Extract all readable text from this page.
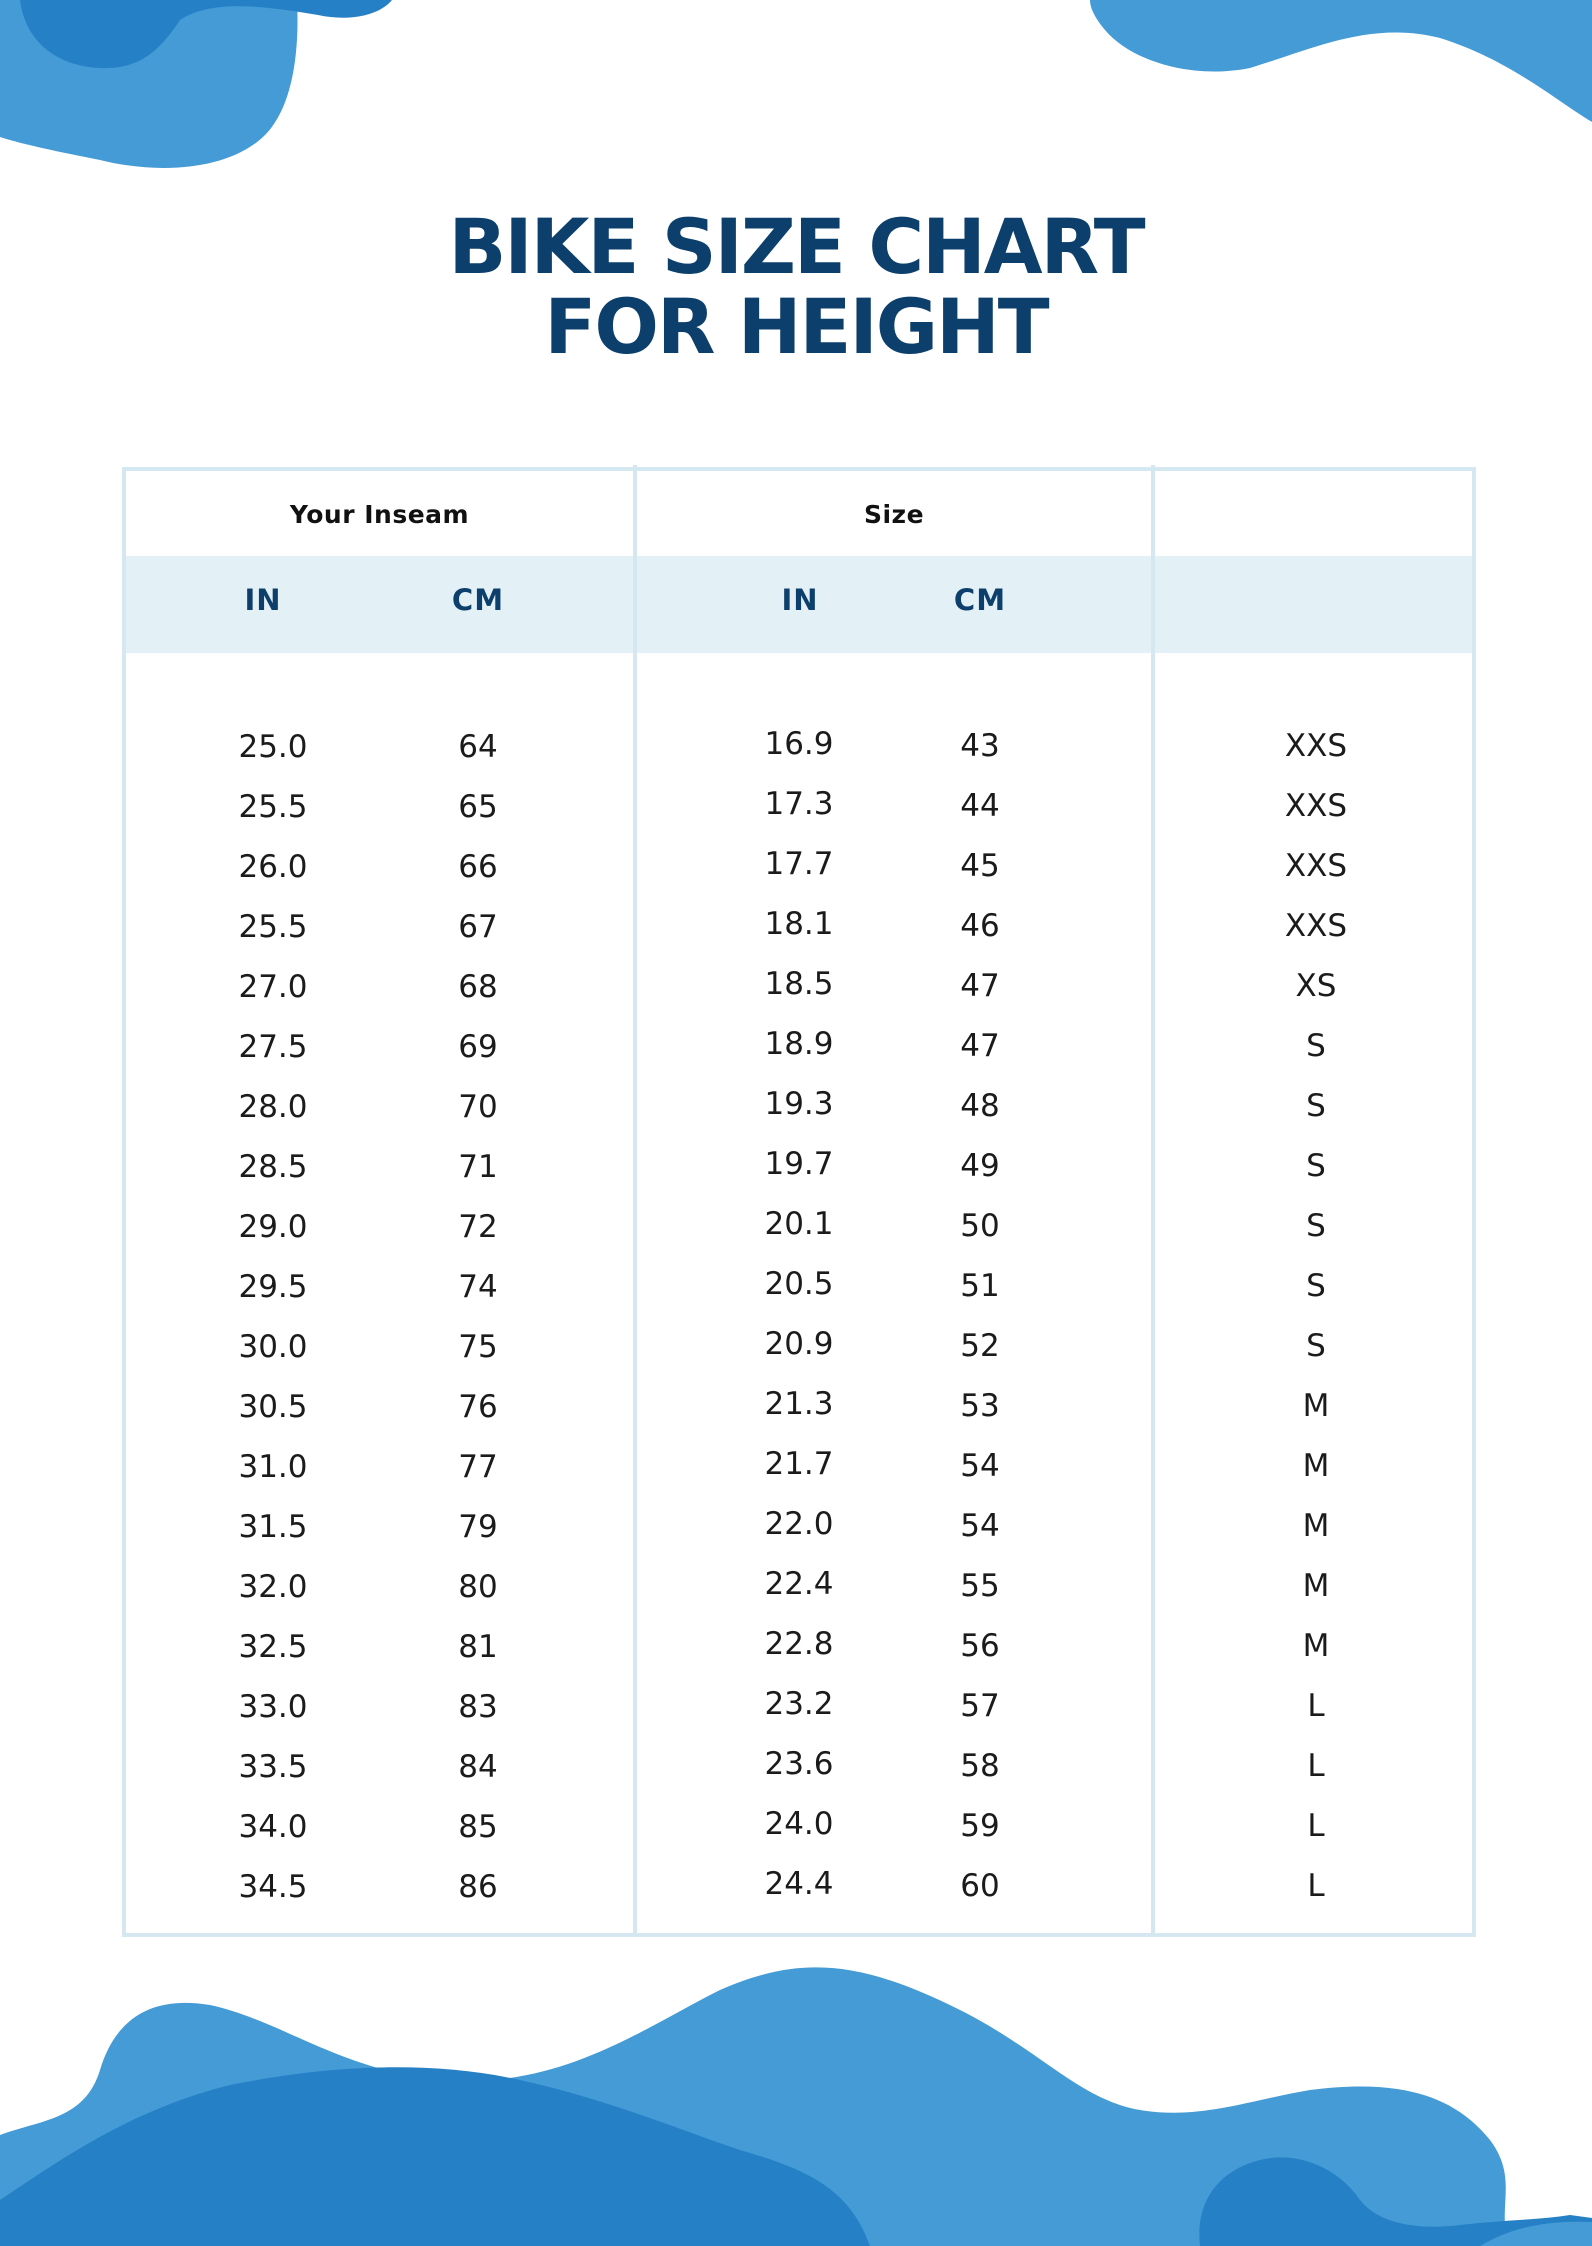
BIKE SIZE CHART
FOR HEIGHT
Your Inseam	Size
IN	CM	IN	CM
25.0	64	16.9	43	XXS
25.5	65	17.3	44	XXS
26.0	66	17.7	45	XXS
25.5	67	18.1	46	XXS
27.0	68	18.5	47	XS
27.5	69	18.9	47	S
28.0	70	19.3	48	S
28.5	71	19.7	49	S
29.0	72	20.1	50	S
29.5	74	20.5	51	S
30.0	75	20.9	52	S
30.5	76	21.3	53	M
31.0	77	21.7	54	M
31.5	79	22.0	54	M
32.0	80	22.4	55	M
32.5	81	22.8	56	M
33.0	83	23.2	57	L
33.5	84	23.6	58	L
34.0	85	24.0	59	L
34.5	86	24.4	60	L
